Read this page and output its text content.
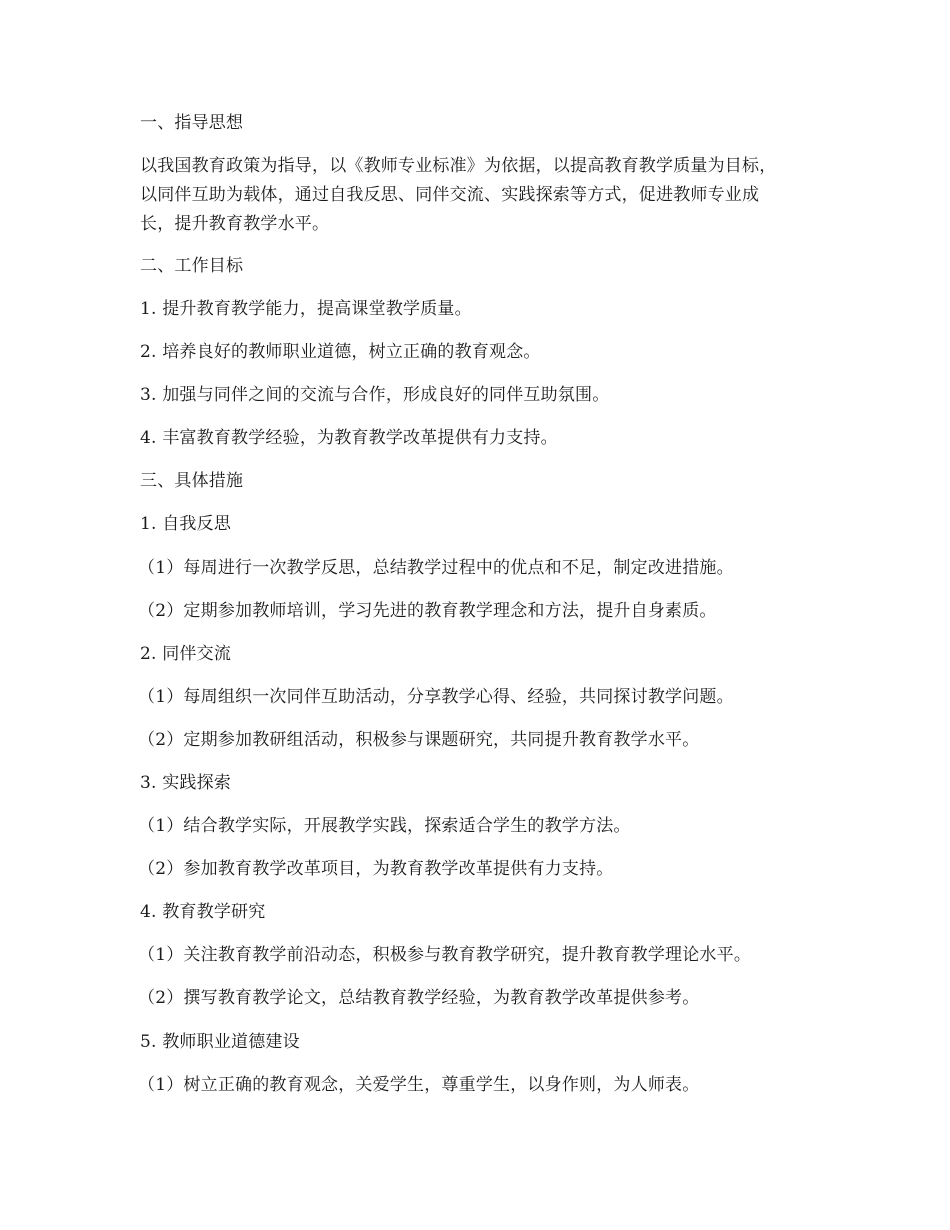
一、指导思想
以我国教育政策为指导，以《教师专业标准》为依据，以提高教育教学质量为目标，
以同伴互助为载体，通过自我反思、同伴交流、实践探索等方式，促进教师专业成
长，提升教育教学水平。
二、工作目标
1. 提升教育教学能力，提高课堂教学质量。
2. 培养良好的教师职业道德，树立正确的教育观念。
3. 加强与同伴之间的交流与合作，形成良好的同伴互助氛围。
4. 丰富教育教学经验，为教育教学改革提供有力支持。
三、具体措施
1. 自我反思
（1）每周进行一次教学反思，总结教学过程中的优点和不足，制定改进措施。
（2）定期参加教师培训，学习先进的教育教学理念和方法，提升自身素质。
2. 同伴交流
（1）每周组织一次同伴互助活动，分享教学心得、经验，共同探讨教学问题。
（2）定期参加教研组活动，积极参与课题研究，共同提升教育教学水平。
3. 实践探索
（1）结合教学实际，开展教学实践，探索适合学生的教学方法。
（2）参加教育教学改革项目，为教育教学改革提供有力支持。
4. 教育教学研究
（1）关注教育教学前沿动态，积极参与教育教学研究，提升教育教学理论水平。
（2）撰写教育教学论文，总结教育教学经验，为教育教学改革提供参考。
5. 教师职业道德建设
（1）树立正确的教育观念，关爱学生，尊重学生，以身作则，为人师表。
